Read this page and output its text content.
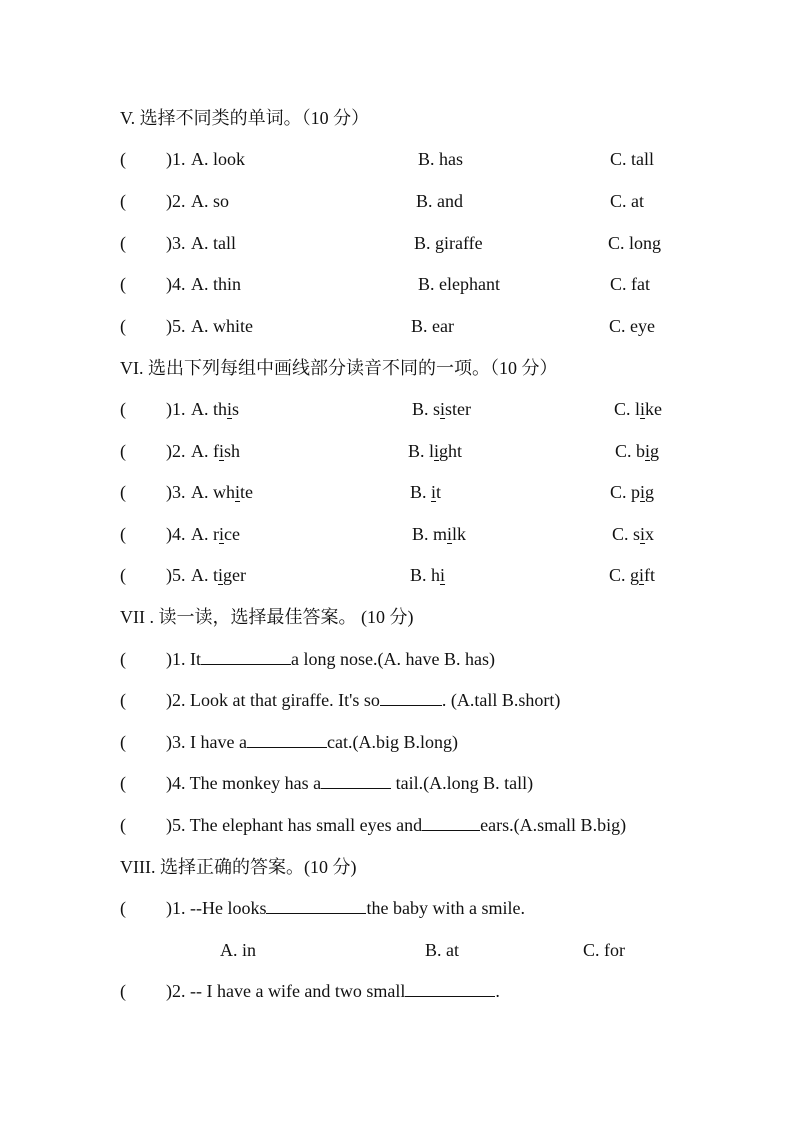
V. 选择不同类的单词。（10 分）
( )1. A. look	B. has	C. tall
( )2. A. so	B. and	C. at
( )3. A. tall	B. giraffe	C. long
( )4. A. thin	B. elephant	C. fat
( )5. A. white	B. ear	C. eye
VI. 选出下列每组中画线部分读音不同的一项。（10 分）
( )1. A. this	B. sister	C. like
( )2. A. fish	B. light	C. big
( )3. A. white	B. it	C. pig
( )4. A. rice	B. milk	C. six
( )5. A. tiger	B. hi	C. gift
VII . 读一读，选择最佳答案。 (10 分)
( )1. It	a long nose.(A. have B. has)
( )2. Look at that giraffe. It's so	. (A.tall B.short)
( )3. I have a	cat.(A.big B.long)
( )4. The monkey has a	tail.(A.long B. tall)
( )5. The elephant has small eyes and	ears.(A.small B.big)
VIII. 选择正确的答案。(10 分)
( )1. --He looks	the baby with a smile.
A. in	B. at	C. for
( )2. -- I have a wife and two small	.
